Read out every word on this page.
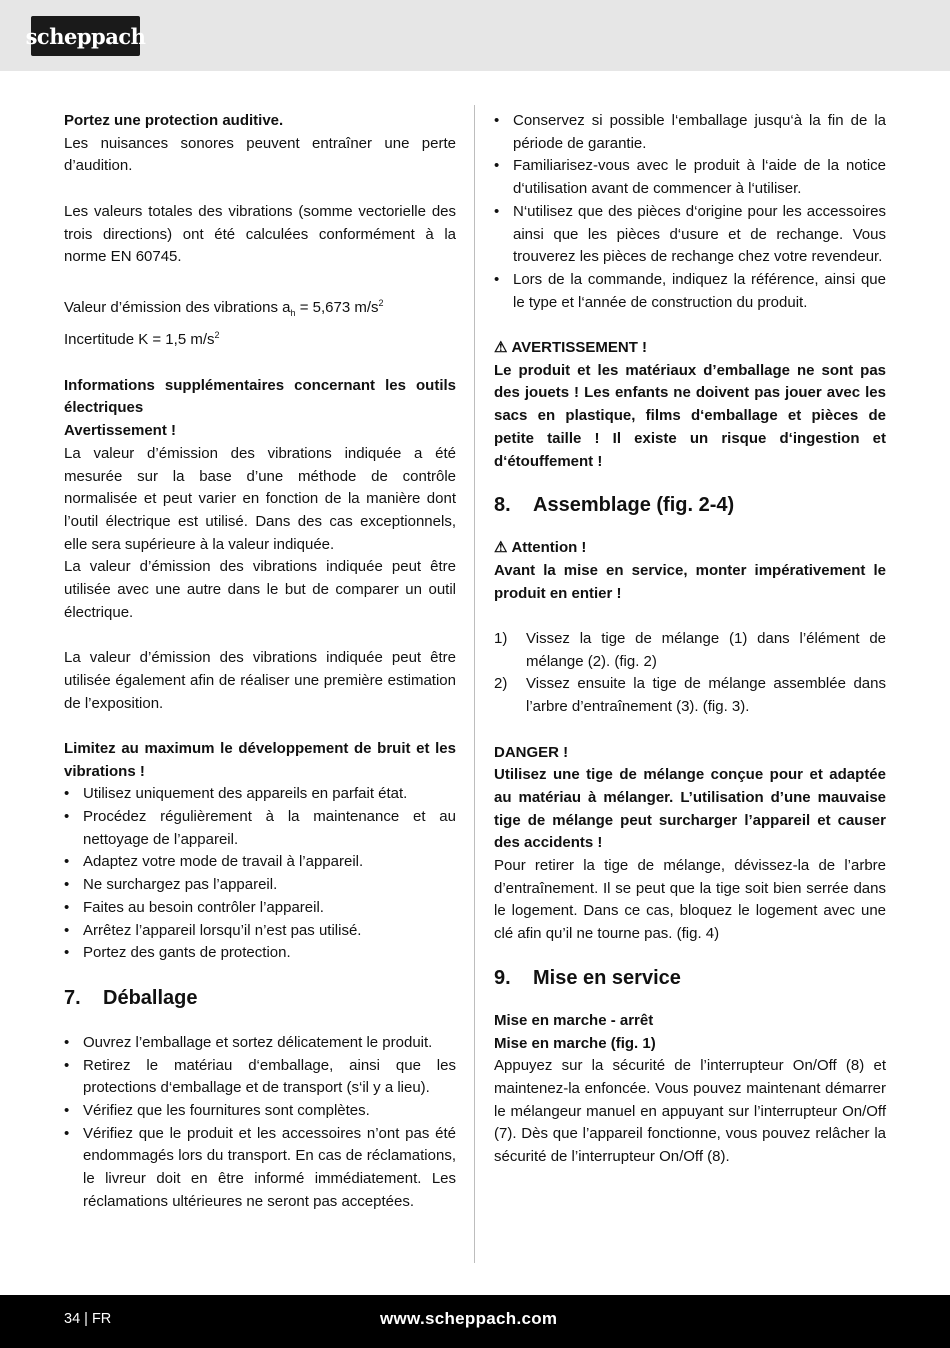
scheppach

Portez une protection auditive.

Les nuisances sonores peuvent entraîner une perte d’audition.

Les valeurs totales des vibrations (somme vectorielle des trois directions) ont été calculées conformément à la norme EN 60745.

Valeur d’émission des vibrations $a_h = 5,673$ $m/s^2$

Incertitude K = 1,5 $m/s^2$

Informations supplémentaires concernant les outils électriques

Avertissement !

La valeur d’émission des vibrations indiquée a été mesurée sur la base d’une méthode de contrôle normalisée et peut varier en fonction de la manière dont l’outil électrique est utilisé. Dans des cas exceptionnels, elle sera supérieure à la valeur indiquée.

La valeur d’émission des vibrations indiquée peut être utilisée avec une autre dans le but de comparer un outil électrique.

La valeur d’émission des vibrations indiquée peut être utilisée également afin de réaliser une première estimation de l’exposition.

Limitez au maximum le développement de bruit et les vibrations !

• Utilisez uniquement des appareils en parfait état.
• Procédez régulièrement à la maintenance et au nettoyage de l’appareil.
• Adaptez votre mode de travail à l’appareil.
• Ne surchargez pas l’appareil.
• Faites au besoin contrôler l’appareil.
• Arrêtez l’appareil lorsqu’il n’est pas utilisé.
• Portez des gants de protection.
7. Déballage
• Ouvrez l’emballage et sortez délicatement le produit.
• Retirez le matériau d‘emballage, ainsi que les protections d‘emballage et de transport (s‘il y a lieu).
• Vérifiez que les fournitures sont complètes.
• Vérifiez que le produit et les accessoires n’ont pas été endommagés lors du transport. En cas de réclamations, le livreur doit en être informé immédiatement. Les réclamations ultérieures ne seront pas acceptées.
• Conservez si possible l‘emballage jusqu‘à la fin de la période de garantie.
• Familiarisez-vous avec le produit à l‘aide de la notice d‘utilisation avant de commencer à l‘utiliser.
• N‘utilisez que des pièces d‘origine pour les accessoires ainsi que les pièces d‘usure et de rechange. Vous trouverez les pièces de rechange chez votre revendeur.
• Lors de la commande, indiquez la référence, ainsi que le type et l‘année de construction du produit.

⚠ AVERTISSEMENT !

Le produit et les matériaux d’emballage ne sont pas des jouets ! Les enfants ne doivent pas jouer avec les sacs en plastique, films d‘emballage et pièces de petite taille ! Il existe un risque d‘ingestion et d‘étouffement !

8. Assemblage (fig. 2-4)

⚠ Attention !

Avant la mise en service, monter impérativement le produit en entier !

1) Vissez la tige de mélange (1) dans l’élément de mélange (2). (fig. 2)
2) Vissez ensuite la tige de mélange assemblée dans l’arbre d’entraînement (3). (fig. 3).

DANGER !

Utilisez une tige de mélange conçue pour et adaptée au matériau à mélanger. L’utilisation d’une mauvaise tige de mélange peut surcharger l’appareil et causer des accidents !

Pour retirer la tige de mélange, dévissez-la de l’arbre d’entraînement. Il se peut que la tige soit bien serrée dans le logement. Dans ce cas, bloquez le logement avec une clé afin qu’il ne tourne pas. (fig. 4)

9. Mise en service

Mise en marche - arrêt

Mise en marche (fig. 1)

Appuyez sur la sécurité de l’interrupteur On/Off (8) et maintenez-la enfoncée. Vous pouvez maintenant démarrer le mélangeur manuel en appuyant sur l’interrupteur On/Off (7). Dès que l’appareil fonctionne, vous pouvez relâcher la sécurité de l’interrupteur On/Off (8).

34 | FR	www.scheppach.com
